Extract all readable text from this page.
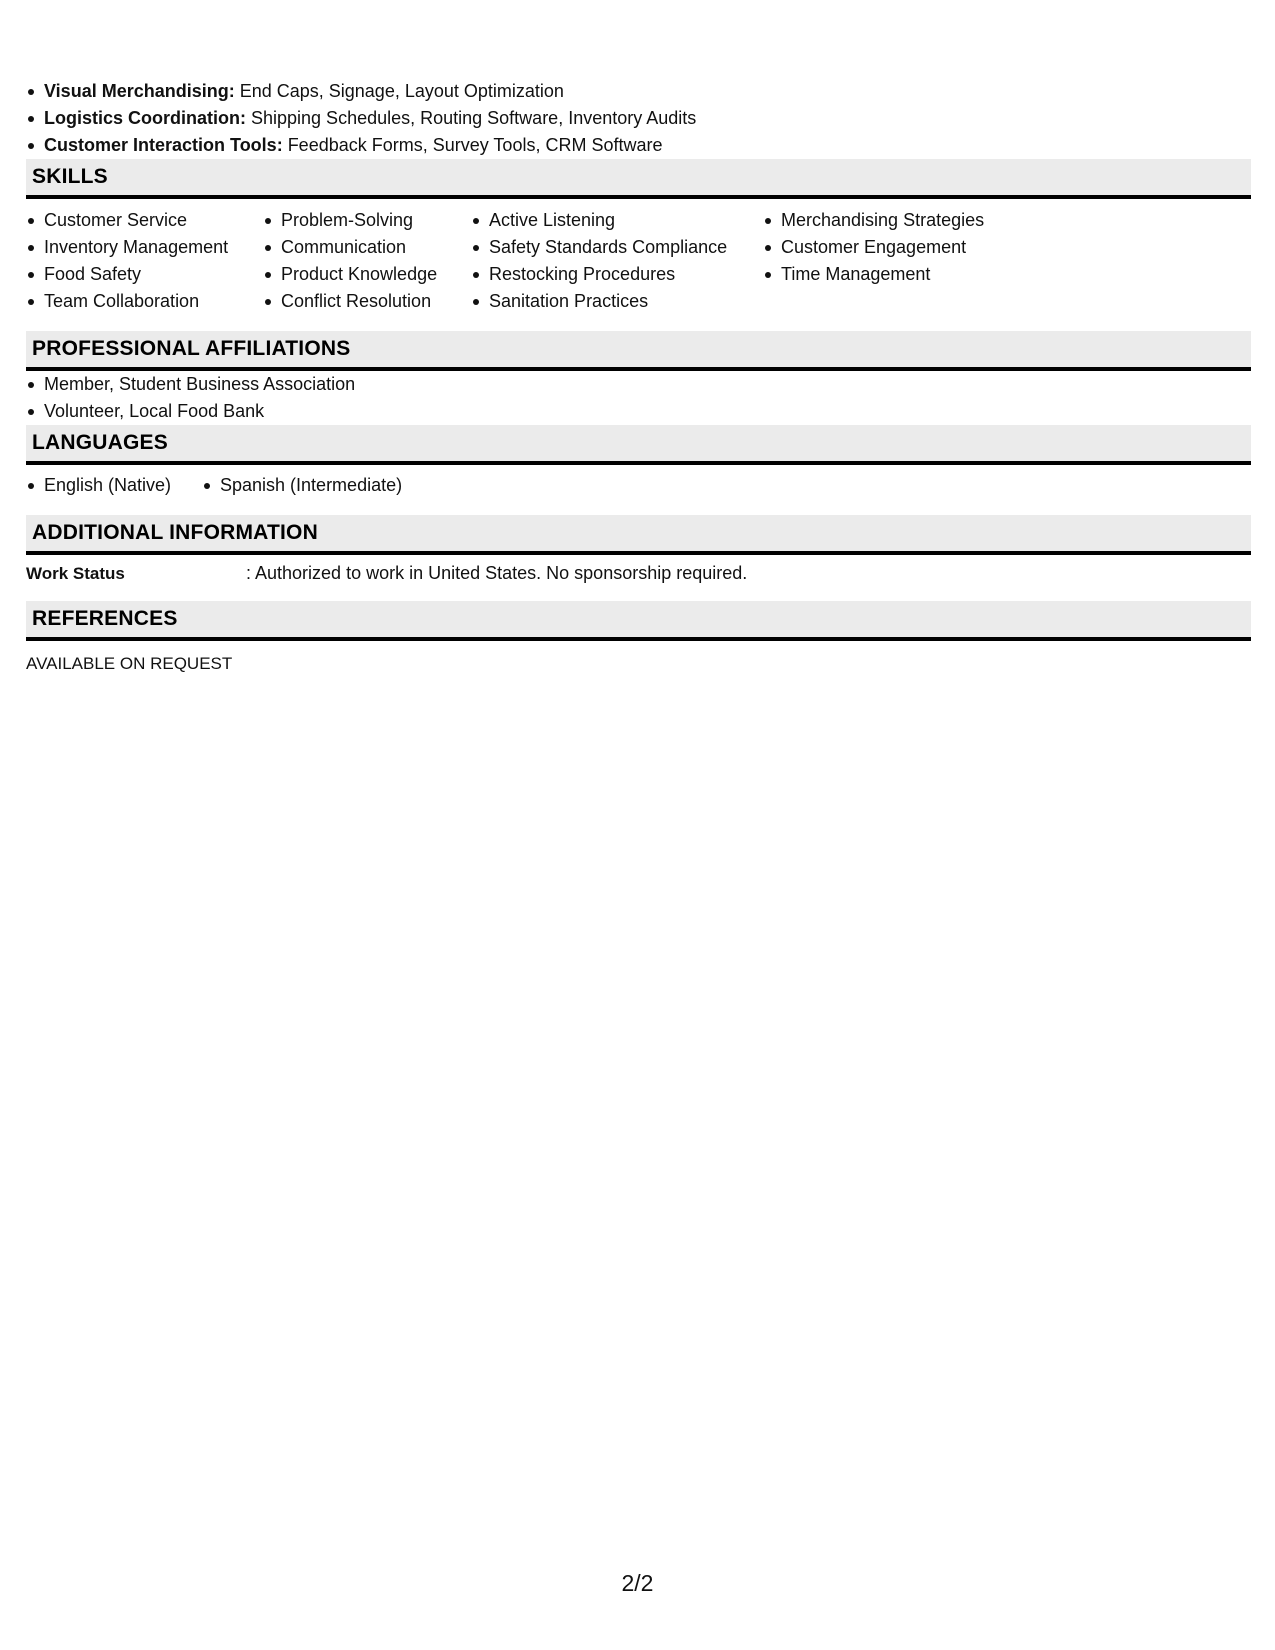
Visual Merchandising: End Caps, Signage, Layout Optimization
Logistics Coordination: Shipping Schedules, Routing Software, Inventory Audits
Customer Interaction Tools: Feedback Forms, Survey Tools, CRM Software
SKILLS
Customer Service
Inventory Management
Food Safety
Team Collaboration
Problem-Solving
Communication
Product Knowledge
Conflict Resolution
Active Listening
Safety Standards Compliance
Restocking Procedures
Sanitation Practices
Merchandising Strategies
Customer Engagement
Time Management
PROFESSIONAL AFFILIATIONS
Member, Student Business Association
Volunteer, Local Food Bank
LANGUAGES
English (Native)	Spanish (Intermediate)
ADDITIONAL INFORMATION
Work Status	: Authorized to work in United States. No sponsorship required.
REFERENCES
AVAILABLE ON REQUEST
2/2
